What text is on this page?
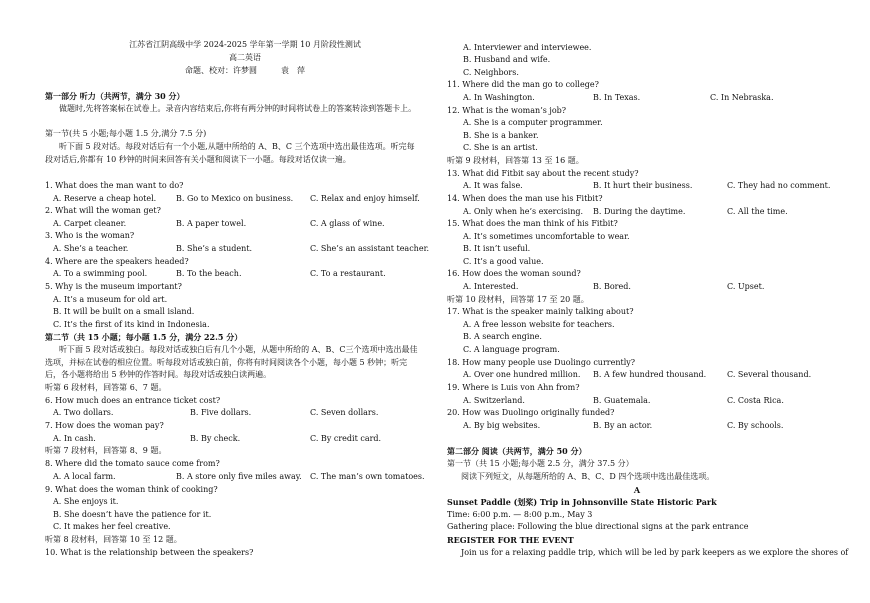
江苏省江阴高级中学 2024-2025 学年第一学期 10 月阶段性测试
高二英语
命题、校对：许梦圆　　　袁　萍
第一部分 听力（共两节，满分 30 分）
做题时,先将答案标在试卷上。录音内容结束后,你将有两分钟的时间将试卷上的答案转涂到答题卡上。
第一节(共 5 小题;每小题 1.5 分,满分 7.5 分)
听下面 5 段对话。每段对话后有一个小题,从题中所给的 A、B、C 三个选项中选出最佳选项。听完每段对话后,你都有 10 秒钟的时间来回答有关小题和阅读下一小题。每段对话仅读一遍。
1. What does the man want to do?
A. Reserve a cheap hotel. B. Go to Mexico on business. C. Relax and enjoy himself.
2. What will the woman get?
A. Carpet cleaner.	B. A paper towel.	C. A glass of wine.
3. Who is the woman?
A. She’s a teacher.	B. She’s a student.	C. She’s an assistant teacher.
4. Where are the speakers headed?
A. To a swimming pool.	B. To the beach.	C. To a restaurant.
5. Why is the museum important?
A. It’s a museum for old art.
B. It will be built on a small island.
C. It’s the first of its kind in Indonesia.
第二节（共 15 小题；每小题 1.5 分，满分 22.5 分）
听下面 5 段对话或独白。每段对话或独白后有几个小题，从题中所给的 A、B、C三个选项中选出最佳选项，并标在试卷的相应位置。听每段对话或独白前，你将有时间阅读各个小题，每小题 5 秒钟；听完后，各小题将给出 5 秒钟的作答时间。每段对话或独白读两遍。
听第 6 段材料，回答第 6、7 题。
6. How much does an entrance ticket cost?
A. Two dollars.	B. Five dollars.	C. Seven dollars.
7. How does the woman pay?
A. In cash.	B. By check.	C. By credit card.
听第 7 段材料，回答第 8、9 题。
8. Where did the tomato sauce come from?
A. A local farm.	B. A store only five miles away. C. The man’s own tomatoes.
9. What does the woman think of cooking?
A. She enjoys it.
B. She doesn’t have the patience for it.
C. It makes her feel creative.
听第 8 段材料，回答第 10 至 12 题。
10. What is the relationship between the speakers?
A. Interviewer and interviewee.
B. Husband and wife.
C. Neighbors.
11. Where did the man go to college?
A. In Washington.	B. In Texas.	C. In Nebraska.
12. What is the woman’s job?
A. She is a computer programmer.
B. She is a banker.
C. She is an artist.
听第 9 段材料，回答第 13 至 16 题。
13. What did Fitbit say about the recent study?
A. It was false.	B. It hurt their business.	C. They had no comment.
14. When does the man use his Fitbit?
A. Only when he’s exercising. B. During the daytime.	C. All the time.
15. What does the man think of his Fitbit?
A. It’s sometimes uncomfortable to wear.
B. It isn’t useful.
C. It’s a good value.
16. How does the woman sound?
A. Interested.	B. Bored.	C. Upset.
听第 10 段材料，回答第 17 至 20 题。
17. What is the speaker mainly talking about?
A. A free lesson website for teachers.
B. A search engine.
C. A language program.
18. How many people use Duolingo currently?
A. Over one hundred million. B. A few hundred thousand.	C. Several thousand.
19. Where is Luis von Ahn from?
A. Switzerland.	B. Guatemala.	C. Costa Rica.
20. How was Duolingo originally funded?
A. By big websites.	B. By an actor.	C. By schools.
第二部分 阅读（共两节，满分 50 分）
第一节（共 15 小题;每小题 2.5 分，满分 37.5 分）
阅读下列短文，从每题所给的 A、B、C、D 四个选项中选出最佳选项。
A
Sunset Paddle (划桨) Trip in Johnsonville State Historic Park
Time: 6:00 p.m. — 8:00 p.m., May 3
Gathering place: Following the blue directional signs at the park entrance
REGISTER FOR THE EVENT
Join us for a relaxing paddle trip, which will be led by park keepers as we explore the shores of
